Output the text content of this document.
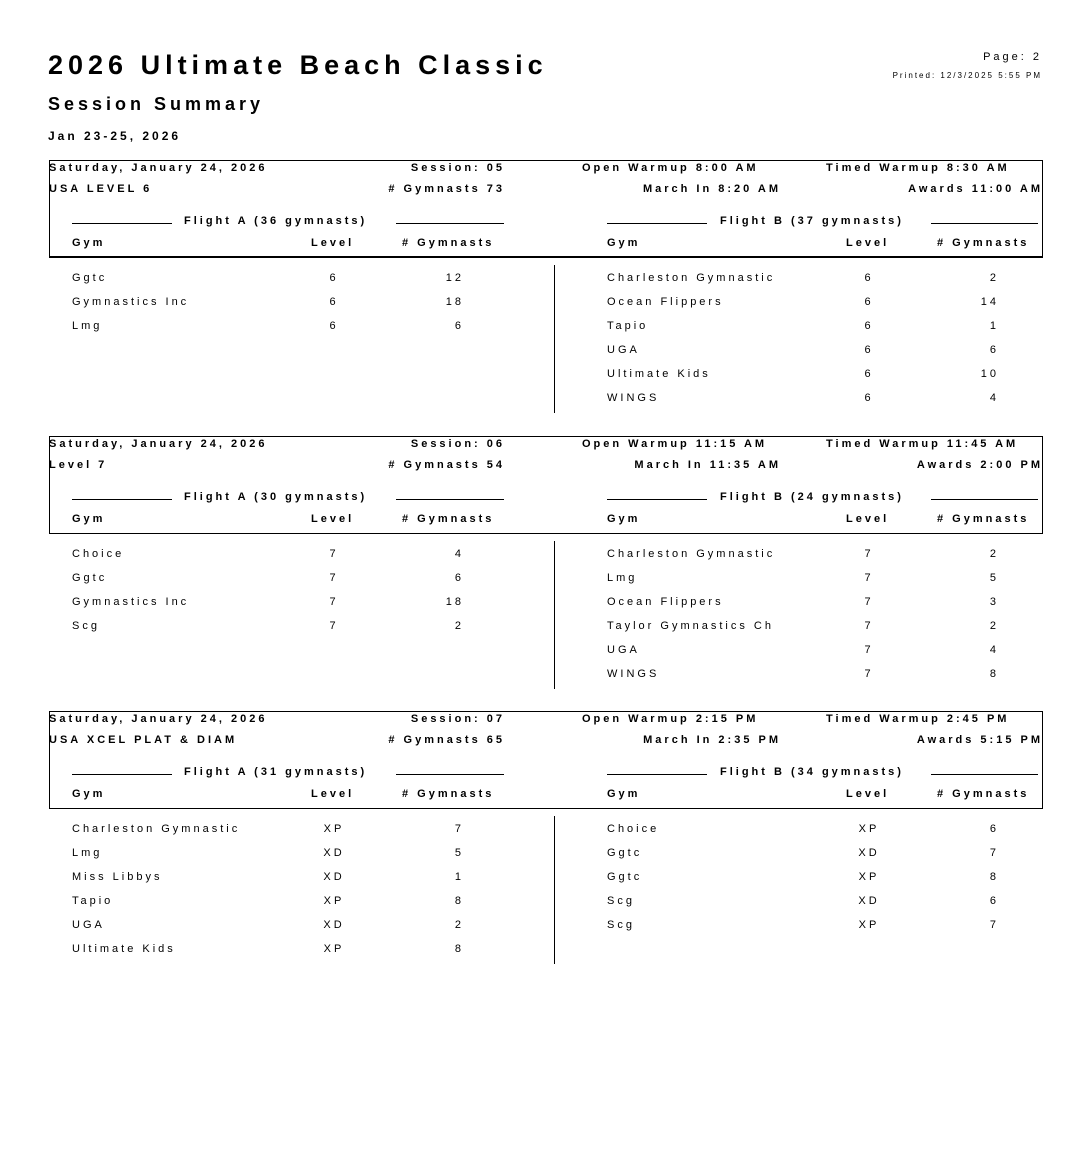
2026 Ultimate Beach Classic
Session Summary
Jan 23-25, 2026
Page: 2
Printed: 12/3/2025 5:55 PM
Saturday, January 24, 2026	Session: 05	Open Warmup 8:00 AM	Timed Warmup 8:30 AM
USA LEVEL 6	# Gymnasts 73	March In 8:20 AM	Awards 11:00 AM
Flight A (36 gymnasts)	Flight B (37 gymnasts)
Gym	Level	# Gymnasts	Gym	Level	# Gymnasts
Ggtc	6	12
Gymnastics Inc	6	18
Lmg	6	6
Charleston Gymnastic	6	2
Ocean Flippers	6	14
Tapio	6	1
UGA	6	6
Ultimate Kids	6	10
WINGS	6	4
Saturday, January 24, 2026	Session: 06	Open Warmup 11:15 AM	Timed Warmup 11:45 AM
Level 7	# Gymnasts 54	March In 11:35 AM	Awards 2:00 PM
Flight A (30 gymnasts)	Flight B (24 gymnasts)
Gym	Level	# Gymnasts	Gym	Level	# Gymnasts
Choice	7	4
Ggtc	7	6
Gymnastics Inc	7	18
Scg	7	2
Charleston Gymnastic	7	2
Lmg	7	5
Ocean Flippers	7	3
Taylor Gymnastics Ch	7	2
UGA	7	4
WINGS	7	8
Saturday, January 24, 2026	Session: 07	Open Warmup 2:15 PM	Timed Warmup 2:45 PM
USA XCEL PLAT & DIAM	# Gymnasts 65	March In 2:35 PM	Awards 5:15 PM
Flight A (31 gymnasts)	Flight B (34 gymnasts)
Gym	Level	# Gymnasts	Gym	Level	# Gymnasts
Charleston Gymnastic	XP	7
Lmg	XD	5
Miss Libbys	XD	1
Tapio	XP	8
UGA	XD	2
Ultimate Kids	XP	8
Choice	XP	6
Ggtc	XD	7
Ggtc	XP	8
Scg	XD	6
Scg	XP	7
